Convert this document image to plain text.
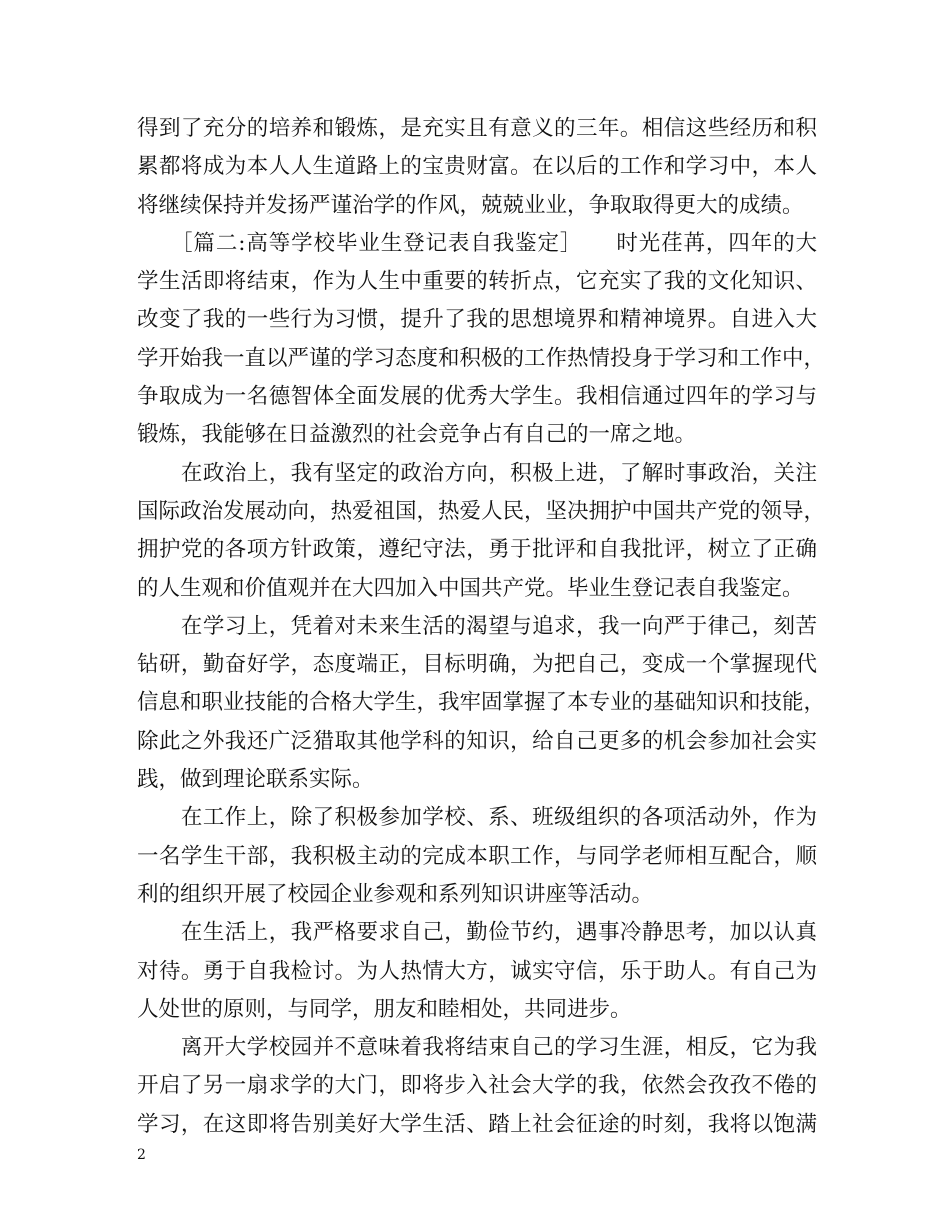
得到了充分的培养和锻炼，是充实且有意义的三年。相信这些经历和积
累都将成为本人人生道路上的宝贵财富。在以后的工作和学习中，本人
将继续保持并发扬严谨治学的作风，兢兢业业，争取取得更大的成绩。
　　［篇二:高等学校毕业生登记表自我鉴定］　　时光荏苒，四年的大
学生活即将结束，作为人生中重要的转折点，它充实了我的文化知识、
改变了我的一些行为习惯，提升了我的思想境界和精神境界。自进入大
学开始我一直以严谨的学习态度和积极的工作热情投身于学习和工作中，
争取成为一名德智体全面发展的优秀大学生。我相信通过四年的学习与
锻炼，我能够在日益激烈的社会竞争占有自己的一席之地。
　　在政治上，我有坚定的政治方向，积极上进，了解时事政治，关注
国际政治发展动向，热爱祖国，热爱人民，坚决拥护中国共产党的领导，
拥护党的各项方针政策，遵纪守法，勇于批评和自我批评，树立了正确
的人生观和价值观并在大四加入中国共产党。毕业生登记表自我鉴定。
　　在学习上，凭着对未来生活的渴望与追求，我一向严于律己，刻苦
钻研，勤奋好学，态度端正，目标明确，为把自己，变成一个掌握现代
信息和职业技能的合格大学生，我牢固掌握了本专业的基础知识和技能，
除此之外我还广泛猎取其他学科的知识，给自己更多的机会参加社会实
践，做到理论联系实际。
　　在工作上，除了积极参加学校、系、班级组织的各项活动外，作为
一名学生干部，我积极主动的完成本职工作，与同学老师相互配合，顺
利的组织开展了校园企业参观和系列知识讲座等活动。
　　在生活上，我严格要求自己，勤俭节约，遇事冷静思考，加以认真
对待。勇于自我检讨。为人热情大方，诚实守信，乐于助人。有自己为
人处世的原则，与同学，朋友和睦相处，共同进步。
　　离开大学校园并不意味着我将结束自己的学习生涯，相反，它为我
开启了另一扇求学的大门，即将步入社会大学的我，依然会孜孜不倦的
学习，在这即将告别美好大学生活、踏上社会征途的时刻，我将以饱满
2
